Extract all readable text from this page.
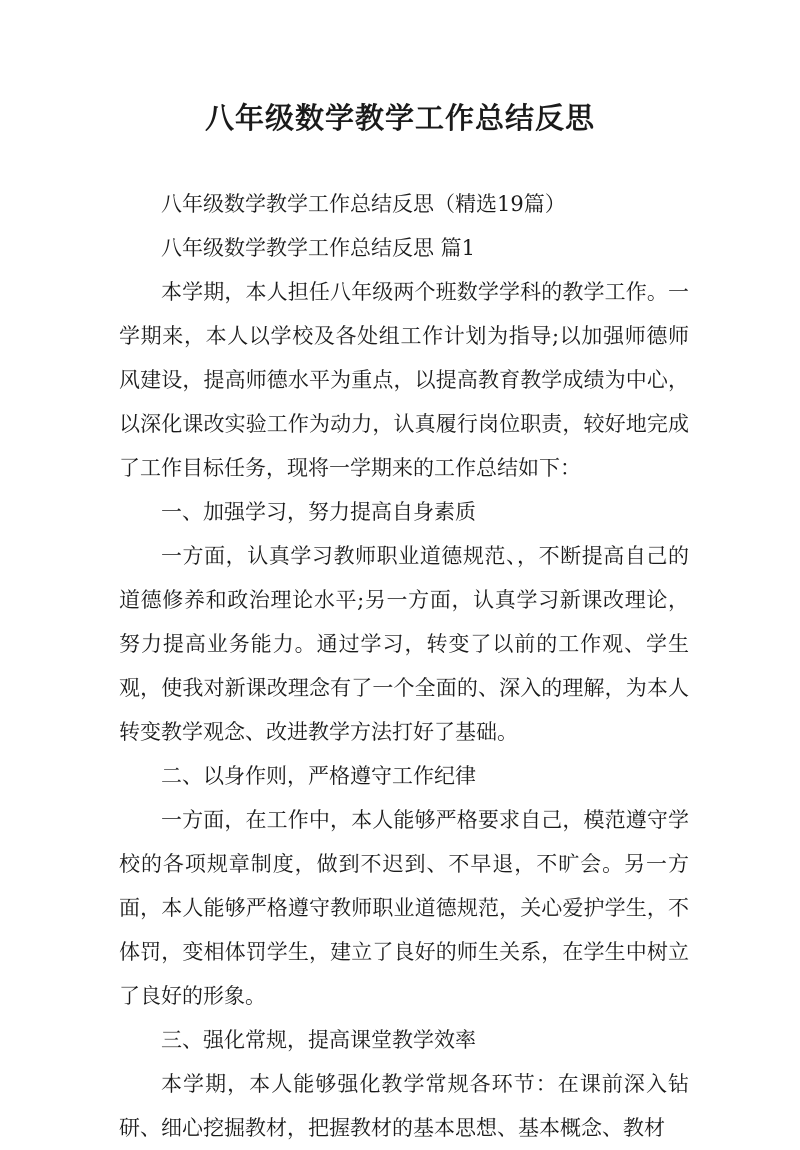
八年级数学教学工作总结反思

八年级数学教学工作总结反思（精选19篇）

八年级数学教学工作总结反思 篇1

本学期，本人担任八年级两个班数学学科的教学工作。一学期来，本人以学校及各处组工作计划为指导;以加强师德师风建设，提高师德水平为重点，以提高教育教学成绩为中心，以深化课改实验工作为动力，认真履行岗位职责，较好地完成了工作目标任务，现将一学期来的工作总结如下：

一、加强学习，努力提高自身素质

一方面，认真学习教师职业道德规范、，不断提高自己的道德修养和政治理论水平;另一方面，认真学习新课改理论，努力提高业务能力。通过学习，转变了以前的工作观、学生观，使我对新课改理念有了一个全面的、深入的理解，为本人转变教学观念、改进教学方法打好了基础。

二、以身作则，严格遵守工作纪律

一方面，在工作中，本人能够严格要求自己，模范遵守学校的各项规章制度，做到不迟到、不早退，不旷会。另一方面，本人能够严格遵守教师职业道德规范，关心爱护学生，不体罚，变相体罚学生，建立了良好的师生关系，在学生中树立了良好的形象。

三、强化常规，提高课堂教学效率

本学期，本人能够强化教学常规各环节：在课前深入钻研、细心挖掘教材，把握教材的基本思想、基本概念、教材
